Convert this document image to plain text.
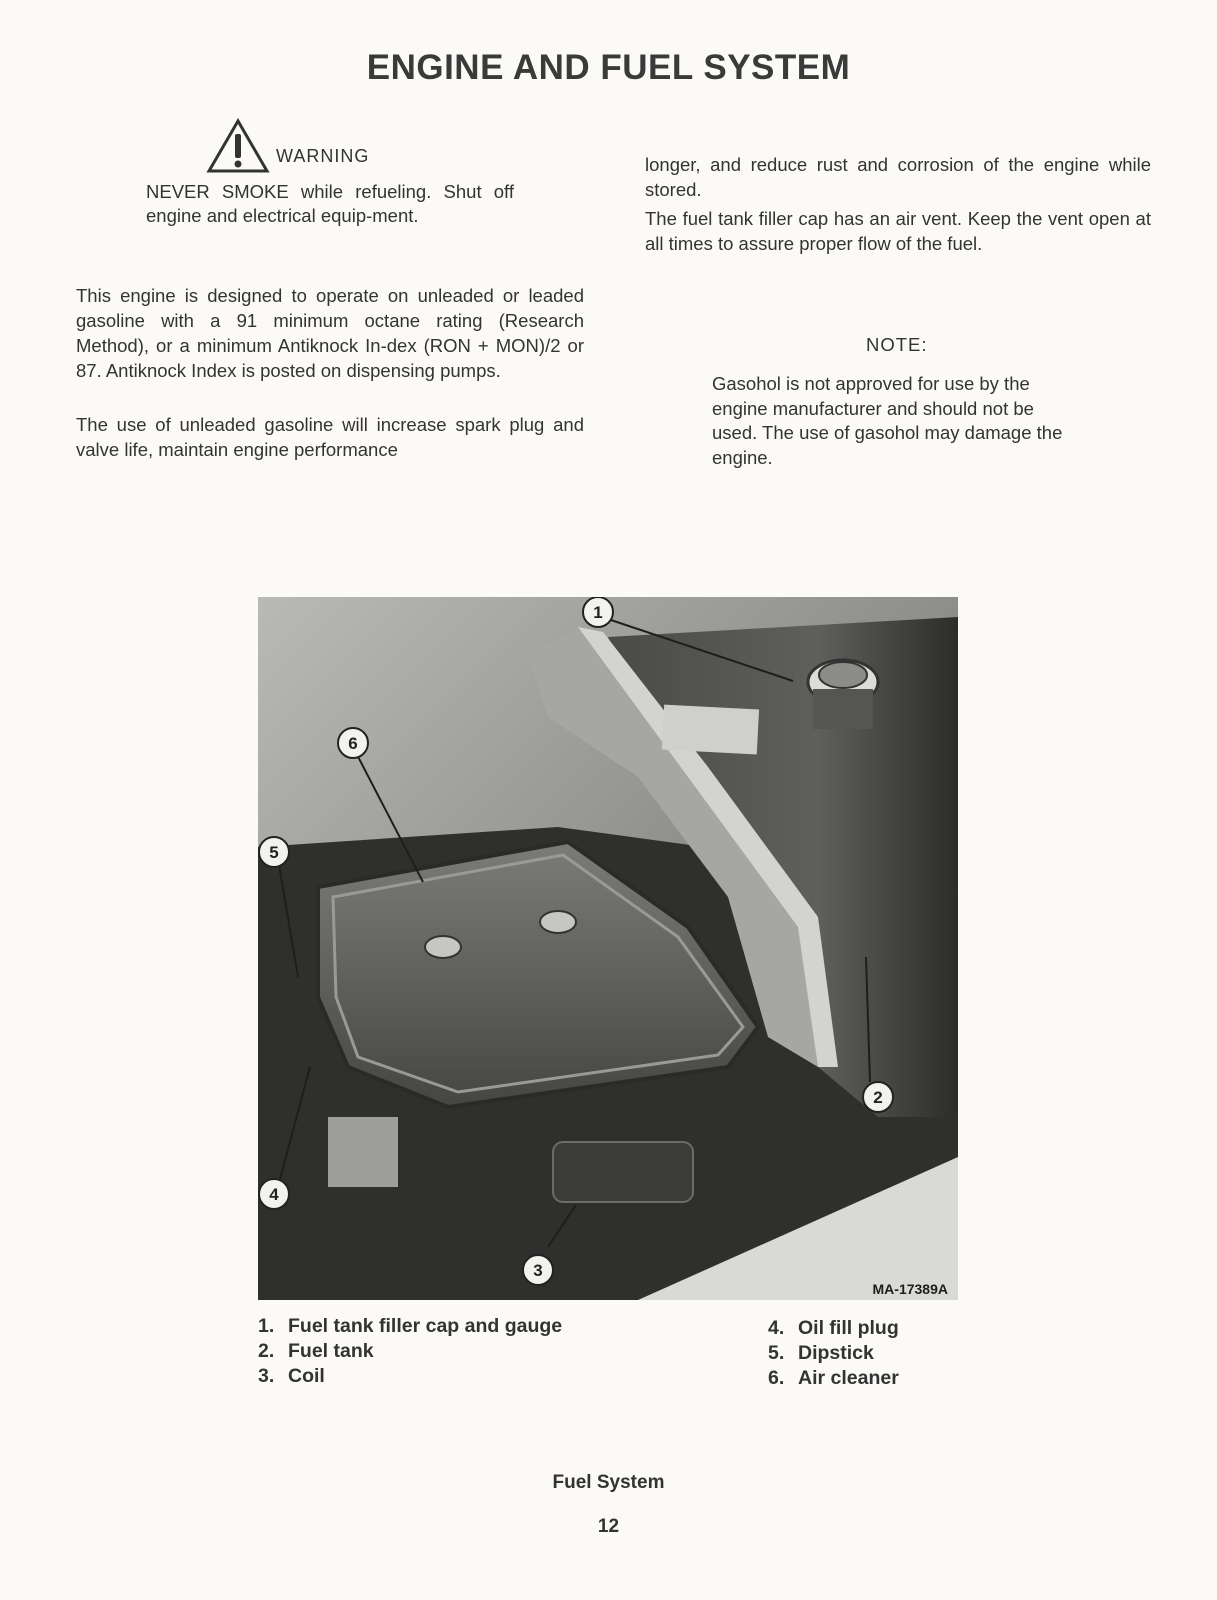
ENGINE AND FUEL SYSTEM
WARNING
NEVER SMOKE while refueling. Shut off engine and electrical equip-ment.

This engine is designed to operate on unleaded or leaded gasoline with a 91 minimum octane rating (Research Method), or a minimum Antiknock In-dex (RON + MON)/2 or 87. Antiknock Index is posted on dispensing pumps.

The use of unleaded gasoline will increase spark plug and valve life, maintain engine performance

longer, and reduce rust and corrosion of the engine while stored.

The fuel tank filler cap has an air vent. Keep the vent open at all times to assure proper flow of the fuel.

NOTE:
Gasohol is not approved for use by the engine manufacturer and should not be used. The use of gasohol may damage the engine.
1
2
3
4
5
6
MA-17389A
1. Fuel tank filler cap and gauge
2. Fuel tank
3. Coil
4. Oil fill plug
5. Dipstick
6. Air cleaner
Fuel System
12
